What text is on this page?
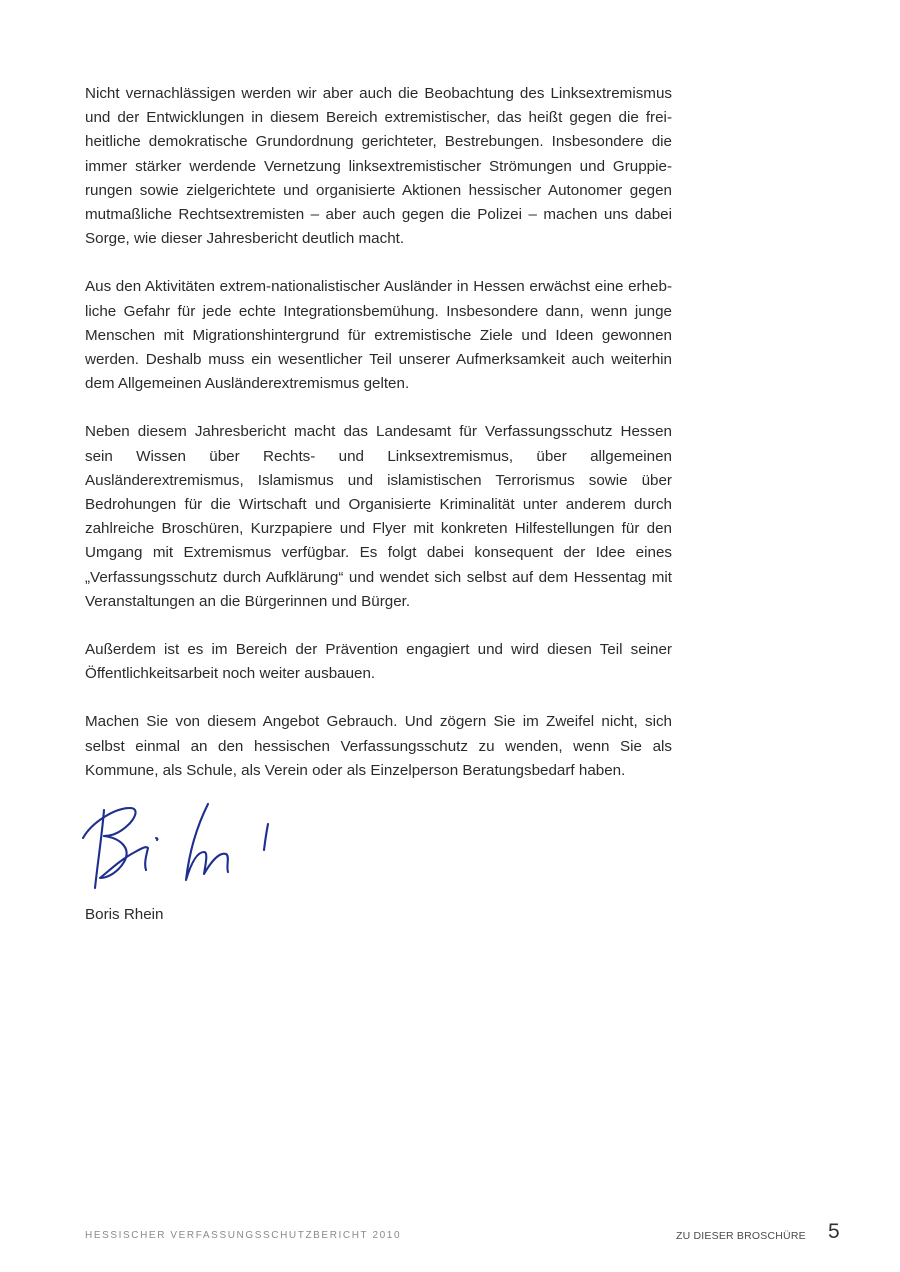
Nicht vernachlässigen werden wir aber auch die Beobachtung des Linksextremismus und der Entwicklungen in diesem Bereich extremistischer, das heißt gegen die freiheitliche demokratische Grundordnung gerichteter, Bestrebungen. Insbesondere die immer stärker werdende Vernetzung linksextremistischer Strömungen und Gruppierungen sowie zielgerichtete und organisierte Aktionen hessischer Autonomer gegen mutmaßliche Rechtsextremisten – aber auch gegen die Polizei – machen uns dabei Sorge, wie dieser Jahresbericht deutlich macht.

Aus den Aktivitäten extrem-nationalistischer Ausländer in Hessen erwächst eine erhebliche Gefahr für jede echte Integrationsbemühung. Insbesondere dann, wenn junge Menschen mit Migrationshintergrund für extremistische Ziele und Ideen gewonnen werden. Deshalb muss ein wesentlicher Teil unserer Aufmerksamkeit auch weiterhin dem Allgemeinen Ausländerextremismus gelten.

Neben diesem Jahresbericht macht das Landesamt für Verfassungsschutz Hessen sein Wissen über Rechts- und Linksextremismus, über allgemeinen Ausländerextremismus, Islamismus und islamistischen Terrorismus sowie über Bedrohungen für die Wirtschaft und Organisierte Kriminalität unter anderem durch zahlreiche Broschüren, Kurzpapiere und Flyer mit konkreten Hilfestellungen für den Umgang mit Extremismus verfügbar. Es folgt dabei konsequent der Idee eines „Verfassungsschutz durch Aufklärung“ und wendet sich selbst auf dem Hessentag mit Veranstaltungen an die Bürgerinnen und Bürger.

Außerdem ist es im Bereich der Prävention engagiert und wird diesen Teil seiner Öffentlichkeitsarbeit noch weiter ausbauen.

Machen Sie von diesem Angebot Gebrauch. Und zögern Sie im Zweifel nicht, sich selbst einmal an den hessischen Verfassungsschutz zu wenden, wenn Sie als Kommune, als Schule, als Verein oder als Einzelperson Beratungsbedarf haben.

Boris Rhein
HESSISCHER VERFASSUNGSSCHUTZBERICHT 2010	ZU DIESER BROSCHÜRE 5
